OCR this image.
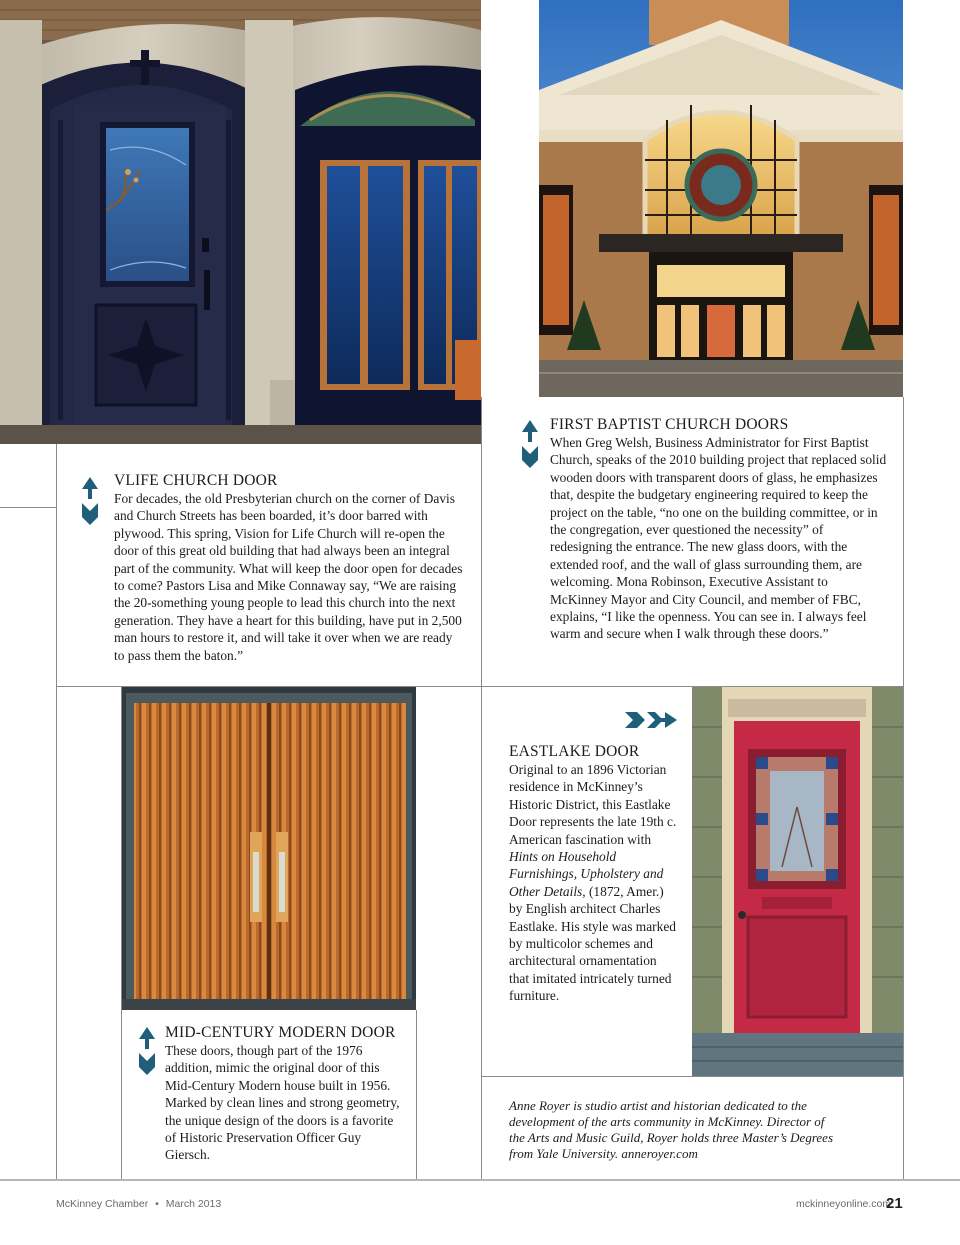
VLIFE CHURCH DOOR

For decades, the old Presbyterian church on the corner of Davis and Church Streets has been boarded, it’s door barred with plywood. This spring, Vision for Life Church will re-open the door of this great old building that had always been an integral part of the community. What will keep the door open for decades to come? Pastors Lisa and Mike Connaway say, “We are raising the 20-something young people to lead this church into the next generation. They have a heart for this building, have put in 2,500 man hours to restore it, and will take it over when we are ready to pass them the baton.”

FIRST BAPTIST CHURCH DOORS

When Greg Welsh, Business Administrator for First Baptist Church, speaks of the 2010 building project that replaced solid wooden doors with transparent doors of glass, he emphasizes that, despite the budgetary engineering required to keep the project on the table, “no one on the building committee, or in the congregation, ever questioned the necessity” of redesigning the entrance. The new glass doors, with the extended roof, and the wall of glass surrounding them, are welcoming. Mona Robinson, Executive Assistant to McKinney Mayor and City Council, and member of FBC, explains, “I like the openness. You can see in. I always feel warm and secure when I walk through these doors.”

EASTLAKE DOOR

Original to an 1896 Victorian residence in McKinney’s Historic District, this Eastlake Door represents the late 19th c. American fascination with Hints on Household Furnishings, Upholstery and Other Details, (1872, Amer.) by English architect Charles Eastlake. His style was marked by multicolor schemes and architectural ornamentation that imitated intricately turned furniture.

MID-CENTURY MODERN DOOR

These doors, though part of the 1976 addition, mimic the original door of this Mid-Century Modern house built in 1956. Marked by clean lines and strong geometry, the unique design of the doors is a favorite of Historic Preservation Officer Guy Giersch.

Anne Royer is studio artist and historian dedicated to the development of the arts community in McKinney. Director of the Arts and Music Guild, Royer holds three Master’s Degrees from Yale University. anneroyer.com

McKinney Chamber • March 2013	mckinneyonline.com
21
